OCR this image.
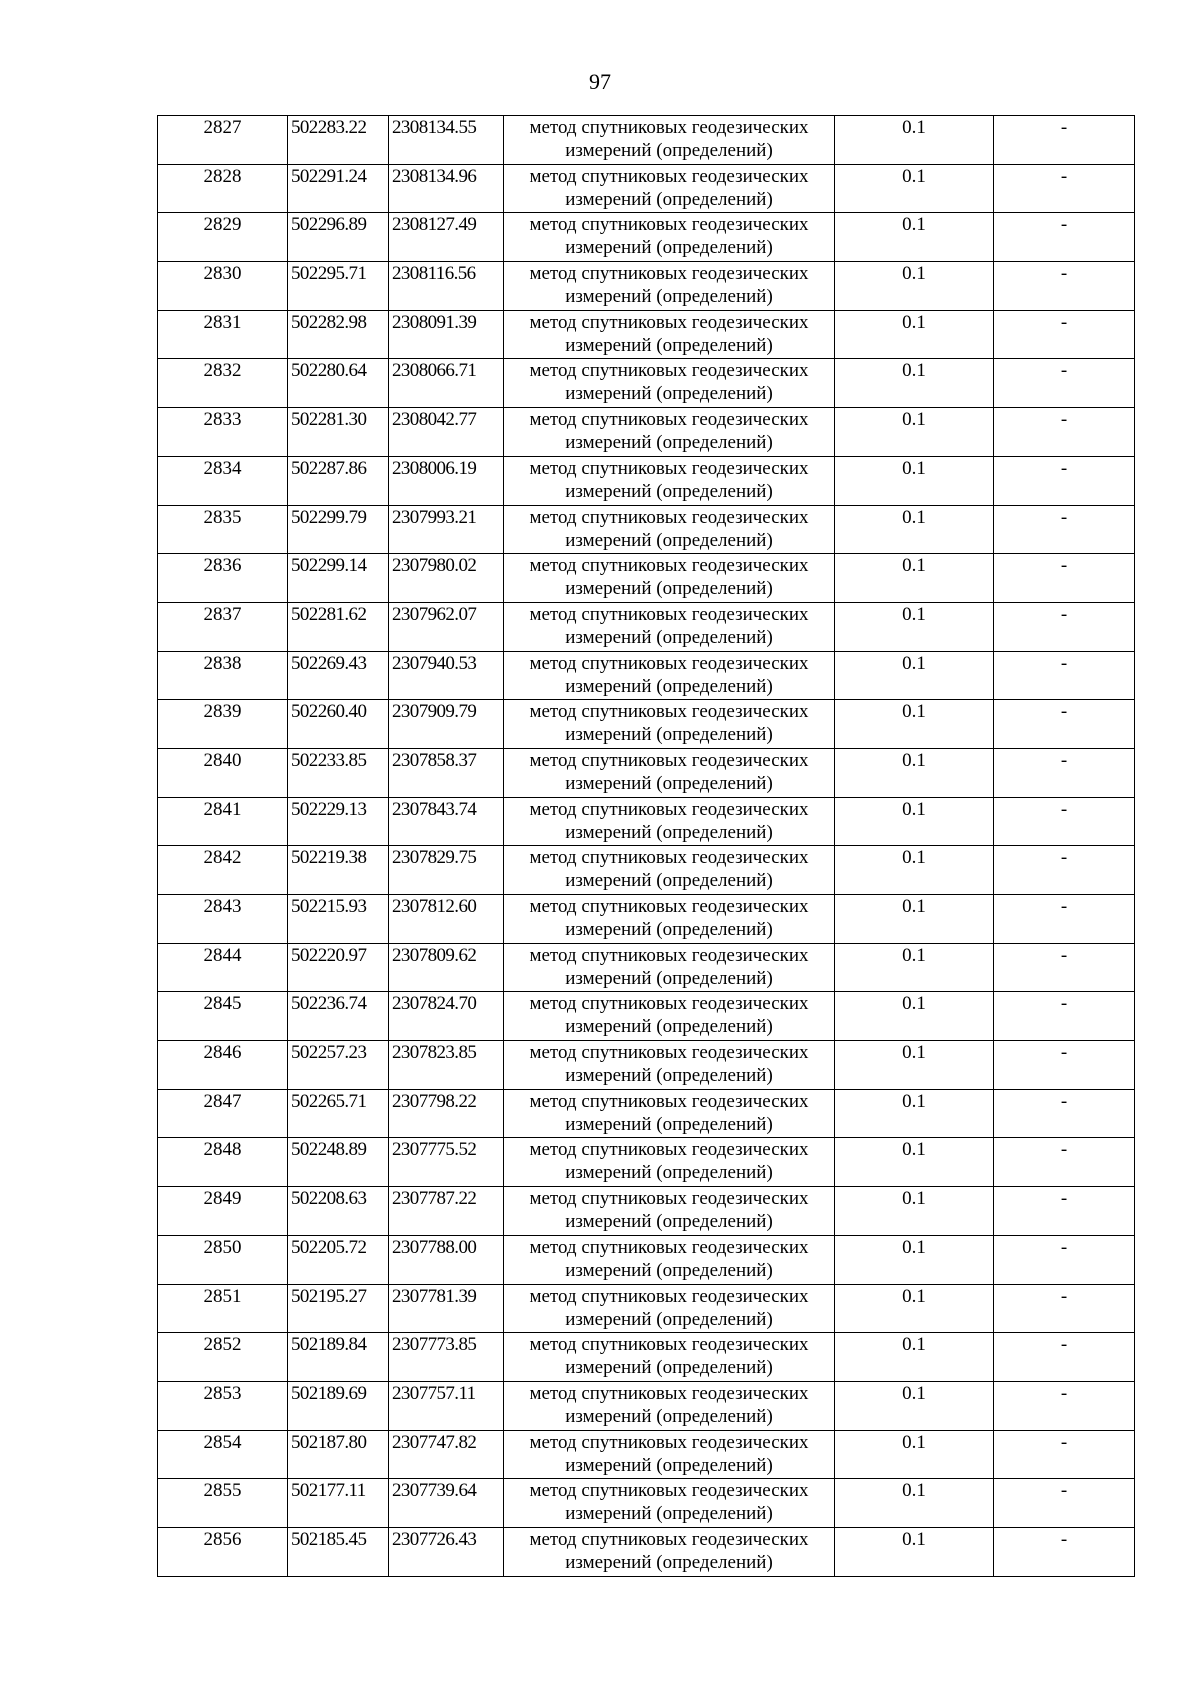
97
2827	502283.22	2308134.55	метод спутниковых геодезических
измерений (определений)	0.1	-
2828	502291.24	2308134.96	метод спутниковых геодезических
измерений (определений)	0.1	-
2829	502296.89	2308127.49	метод спутниковых геодезических
измерений (определений)	0.1	-
2830	502295.71	2308116.56	метод спутниковых геодезических
измерений (определений)	0.1	-
2831	502282.98	2308091.39	метод спутниковых геодезических
измерений (определений)	0.1	-
2832	502280.64	2308066.71	метод спутниковых геодезических
измерений (определений)	0.1	-
2833	502281.30	2308042.77	метод спутниковых геодезических
измерений (определений)	0.1	-
2834	502287.86	2308006.19	метод спутниковых геодезических
измерений (определений)	0.1	-
2835	502299.79	2307993.21	метод спутниковых геодезических
измерений (определений)	0.1	-
2836	502299.14	2307980.02	метод спутниковых геодезических
измерений (определений)	0.1	-
2837	502281.62	2307962.07	метод спутниковых геодезических
измерений (определений)	0.1	-
2838	502269.43	2307940.53	метод спутниковых геодезических
измерений (определений)	0.1	-
2839	502260.40	2307909.79	метод спутниковых геодезических
измерений (определений)	0.1	-
2840	502233.85	2307858.37	метод спутниковых геодезических
измерений (определений)	0.1	-
2841	502229.13	2307843.74	метод спутниковых геодезических
измерений (определений)	0.1	-
2842	502219.38	2307829.75	метод спутниковых геодезических
измерений (определений)	0.1	-
2843	502215.93	2307812.60	метод спутниковых геодезических
измерений (определений)	0.1	-
2844	502220.97	2307809.62	метод спутниковых геодезических
измерений (определений)	0.1	-
2845	502236.74	2307824.70	метод спутниковых геодезических
измерений (определений)	0.1	-
2846	502257.23	2307823.85	метод спутниковых геодезических
измерений (определений)	0.1	-
2847	502265.71	2307798.22	метод спутниковых геодезических
измерений (определений)	0.1	-
2848	502248.89	2307775.52	метод спутниковых геодезических
измерений (определений)	0.1	-
2849	502208.63	2307787.22	метод спутниковых геодезических
измерений (определений)	0.1	-
2850	502205.72	2307788.00	метод спутниковых геодезических
измерений (определений)	0.1	-
2851	502195.27	2307781.39	метод спутниковых геодезических
измерений (определений)	0.1	-
2852	502189.84	2307773.85	метод спутниковых геодезических
измерений (определений)	0.1	-
2853	502189.69	2307757.11	метод спутниковых геодезических
измерений (определений)	0.1	-
2854	502187.80	2307747.82	метод спутниковых геодезических
измерений (определений)	0.1	-
2855	502177.11	2307739.64	метод спутниковых геодезических
измерений (определений)	0.1	-
2856	502185.45	2307726.43	метод спутниковых геодезических
измерений (определений)	0.1	-
